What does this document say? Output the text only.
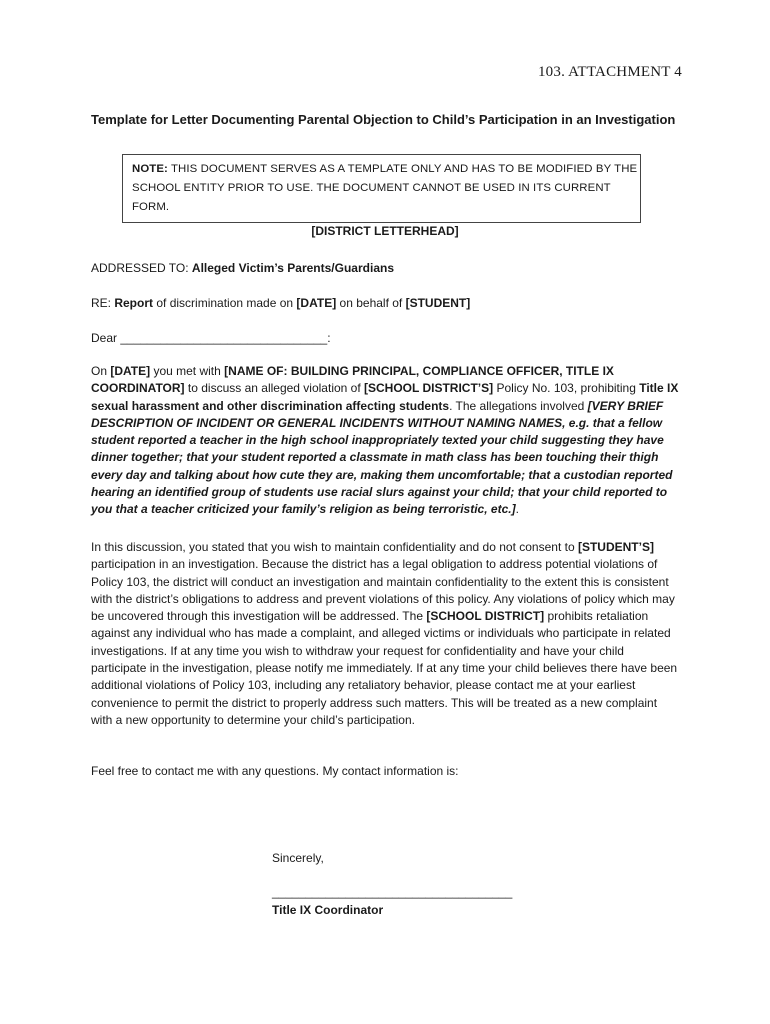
103. ATTACHMENT 4
Template for Letter Documenting Parental Objection to Child’s Participation in an Investigation
NOTE: THIS DOCUMENT SERVES AS A TEMPLATE ONLY AND HAS TO BE MODIFIED BY THE SCHOOL ENTITY PRIOR TO USE. THE DOCUMENT CANNOT BE USED IN ITS CURRENT FORM.
[DISTRICT LETTERHEAD]
ADDRESSED TO: Alleged Victim’s Parents/Guardians
RE: Report of discrimination made on [DATE] on behalf of [STUDENT]
Dear _______________________________:
On [DATE] you met with [NAME OF: BUILDING PRINCIPAL, COMPLIANCE OFFICER, TITLE IX COORDINATOR] to discuss an alleged violation of [SCHOOL DISTRICT’S] Policy No. 103, prohibiting Title IX sexual harassment and other discrimination affecting students. The allegations involved [VERY BRIEF DESCRIPTION OF INCIDENT OR GENERAL INCIDENTS WITHOUT NAMING NAMES, e.g. that a fellow student reported a teacher in the high school inappropriately texted your child suggesting they have dinner together; that your student reported a classmate in math class has been touching their thigh every day and talking about how cute they are, making them uncomfortable; that a custodian reported hearing an identified group of students use racial slurs against your child; that your child reported to you that a teacher criticized your family’s religion as being terroristic, etc.].
In this discussion, you stated that you wish to maintain confidentiality and do not consent to [STUDENT’S] participation in an investigation. Because the district has a legal obligation to address potential violations of Policy 103, the district will conduct an investigation and maintain confidentiality to the extent this is consistent with the district’s obligations to address and prevent violations of this policy. Any violations of policy which may be uncovered through this investigation will be addressed. The [SCHOOL DISTRICT] prohibits retaliation against any individual who has made a complaint, and alleged victims or individuals who participate in related investigations. If at any time you wish to withdraw your request for confidentiality and have your child participate in the investigation, please notify me immediately. If at any time your child believes there have been additional violations of Policy 103, including any retaliatory behavior, please contact me at your earliest convenience to permit the district to properly address such matters. This will be treated as a new complaint with a new opportunity to determine your child’s participation.
Feel free to contact me with any questions. My contact information is:
Sincerely,
____________________________________
Title IX Coordinator
